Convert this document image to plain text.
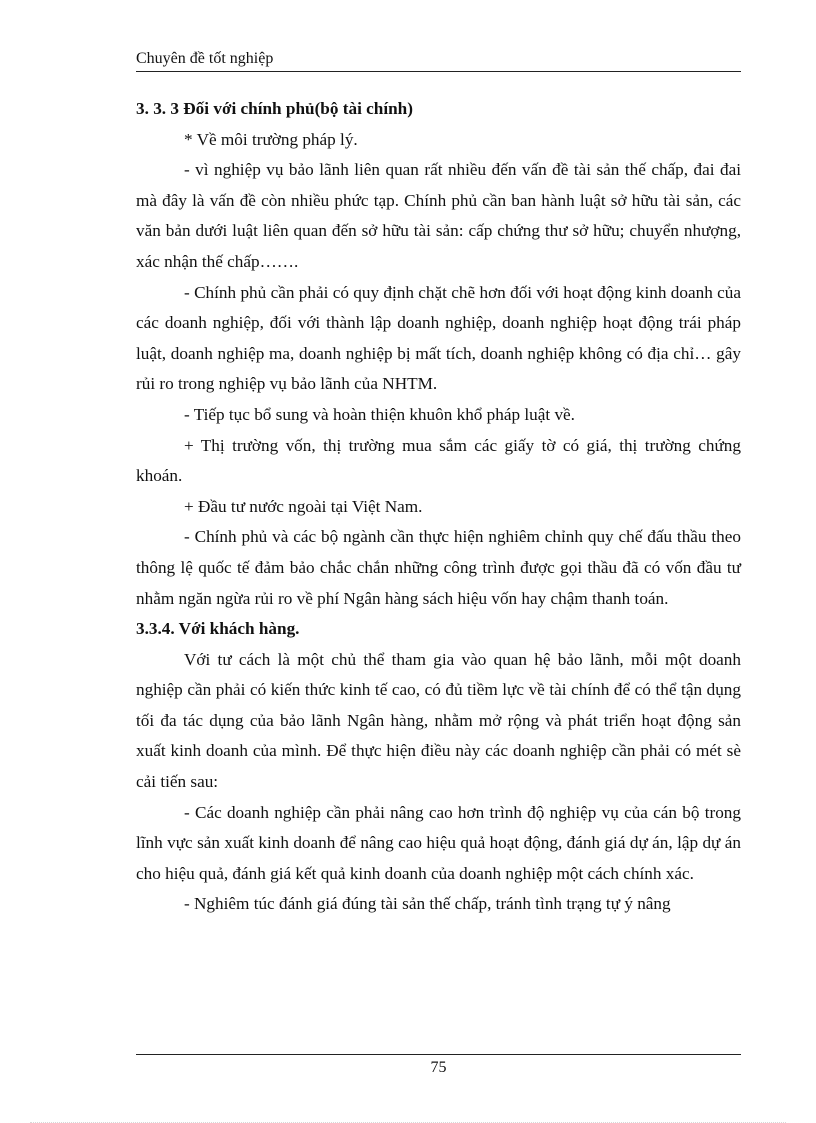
Chuyên đề tốt nghiệp

3. 3. 3 Đối với chính phủ(bộ tài chính)

* Về môi trường pháp lý.

- vì nghiệp vụ bảo lãnh liên quan rất nhiều đến vấn đề tài sản thế chấp, đai đai mà đây là vấn đề còn nhiều phức tạp. Chính phủ cần ban hành luật sở hữu tài sản, các văn bản dưới luật liên quan đến sở hữu tài sản: cấp chứng thư sở hữu; chuyển nhượng, xác nhận thế chấp…….

- Chính phủ cần phải có quy định chặt chẽ hơn đối với hoạt động kinh doanh của các doanh nghiệp, đối với thành lập doanh nghiệp, doanh nghiệp hoạt động trái pháp luật, doanh nghiệp ma, doanh nghiệp bị mất tích, doanh nghiệp không có địa chỉ… gây rủi ro trong nghiệp vụ bảo lãnh của NHTM.

- Tiếp tục bổ sung và hoàn thiện khuôn khổ pháp luật về.

+ Thị trường vốn, thị trường mua sắm các giấy tờ có giá, thị trường chứng khoán.

+ Đầu tư nước ngoài tại Việt Nam.

- Chính phủ và các bộ ngành cần thực hiện nghiêm chỉnh quy chế đấu thầu theo thông lệ quốc tế đảm bảo chắc chắn những công trình được gọi thầu đã có vốn đầu tư nhằm ngăn ngừa rủi ro về phí Ngân hàng sách hiệu vốn hay chậm thanh toán.

3.3.4. Với khách hàng.

Với tư cách là một chủ thể tham gia vào quan hệ bảo lãnh, mỗi một doanh nghiệp cần phải có kiến thức kinh tế cao, có đủ tiềm lực về tài chính để có thể tận dụng tối đa tác dụng của bảo lãnh Ngân hàng, nhằm mở rộng và phát triển hoạt động sản xuất kinh doanh của mình. Để thực hiện điều này các doanh nghiệp cần phải có mét sè cải tiến sau:

- Các doanh nghiệp cần phải nâng cao hơn trình độ nghiệp vụ của cán bộ trong lĩnh vực sản xuất kinh doanh để nâng cao hiệu quả hoạt động, đánh giá dự án, lập dự án cho hiệu quả, đánh giá kết quả kinh doanh của doanh nghiệp một cách chính xác.

- Nghiêm túc đánh giá đúng tài sản thế chấp, tránh tình trạng tự ý nâng

75
